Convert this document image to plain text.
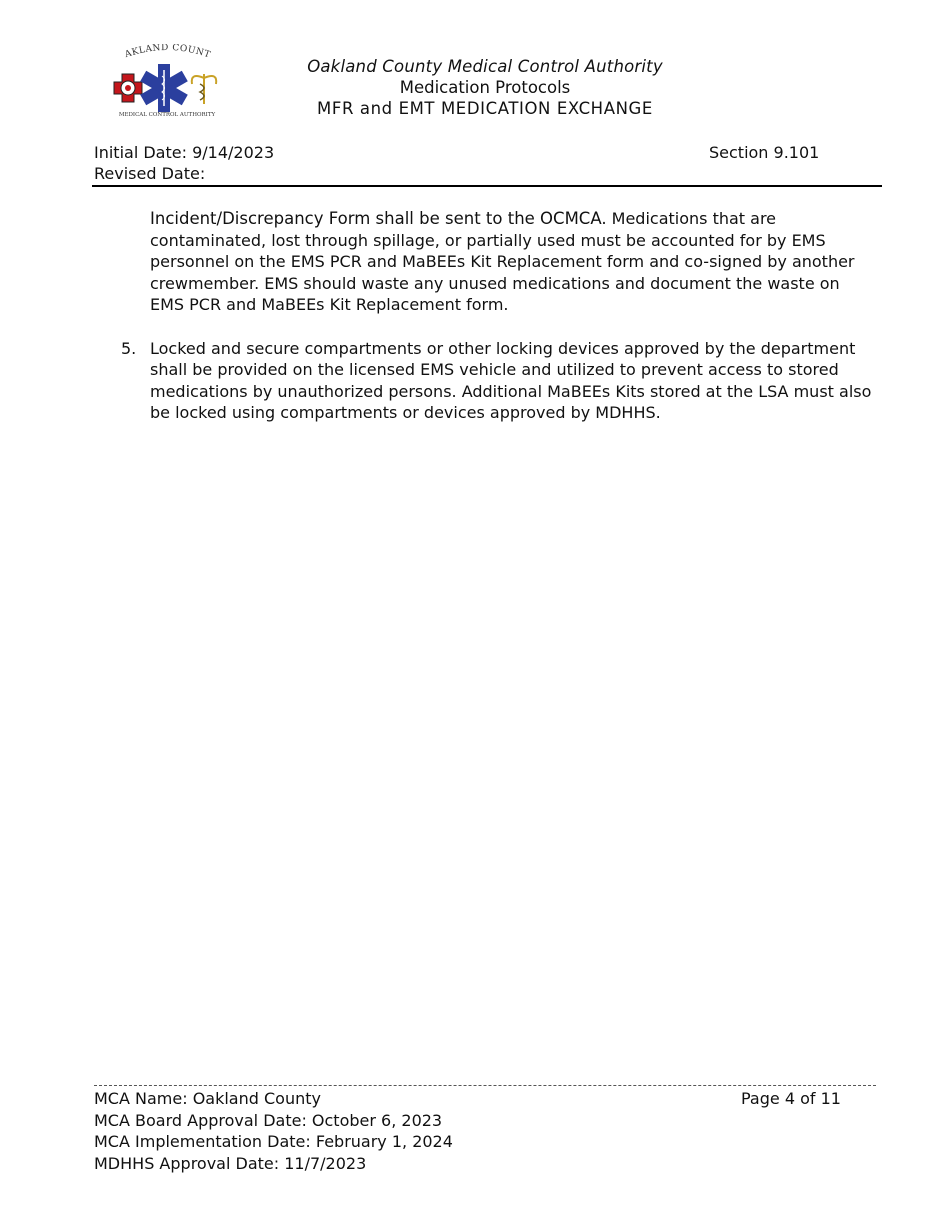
AKLAND COUNT
MEDICAL CONTROL AUTHORITY
Oakland County Medical Control Authority
Medication Protocols
MFR and EMT MEDICATION EXCHANGE
Initial Date: 9/14/2023
Revised Date:
Section 9.101
Incident/Discrepancy Form shall be sent to the OCMCA. Medications that are contaminated, lost through spillage, or partially used must be accounted for by EMS personnel on the EMS PCR and MaBEEs Kit Replacement form and co-signed by another crewmember. EMS should waste any unused medications and document the waste on EMS PCR and MaBEEs Kit Replacement form.
5. Locked and secure compartments or other locking devices approved by the department shall be provided on the licensed EMS vehicle and utilized to prevent access to stored medications by unauthorized persons. Additional MaBEEs Kits stored at the LSA must also be locked using compartments or devices approved by MDHHS.
MCA Name: Oakland County
MCA Board Approval Date: October 6, 2023
MCA Implementation Date: February 1, 2024
MDHHS Approval Date: 11/7/2023
Page 4 of 11
